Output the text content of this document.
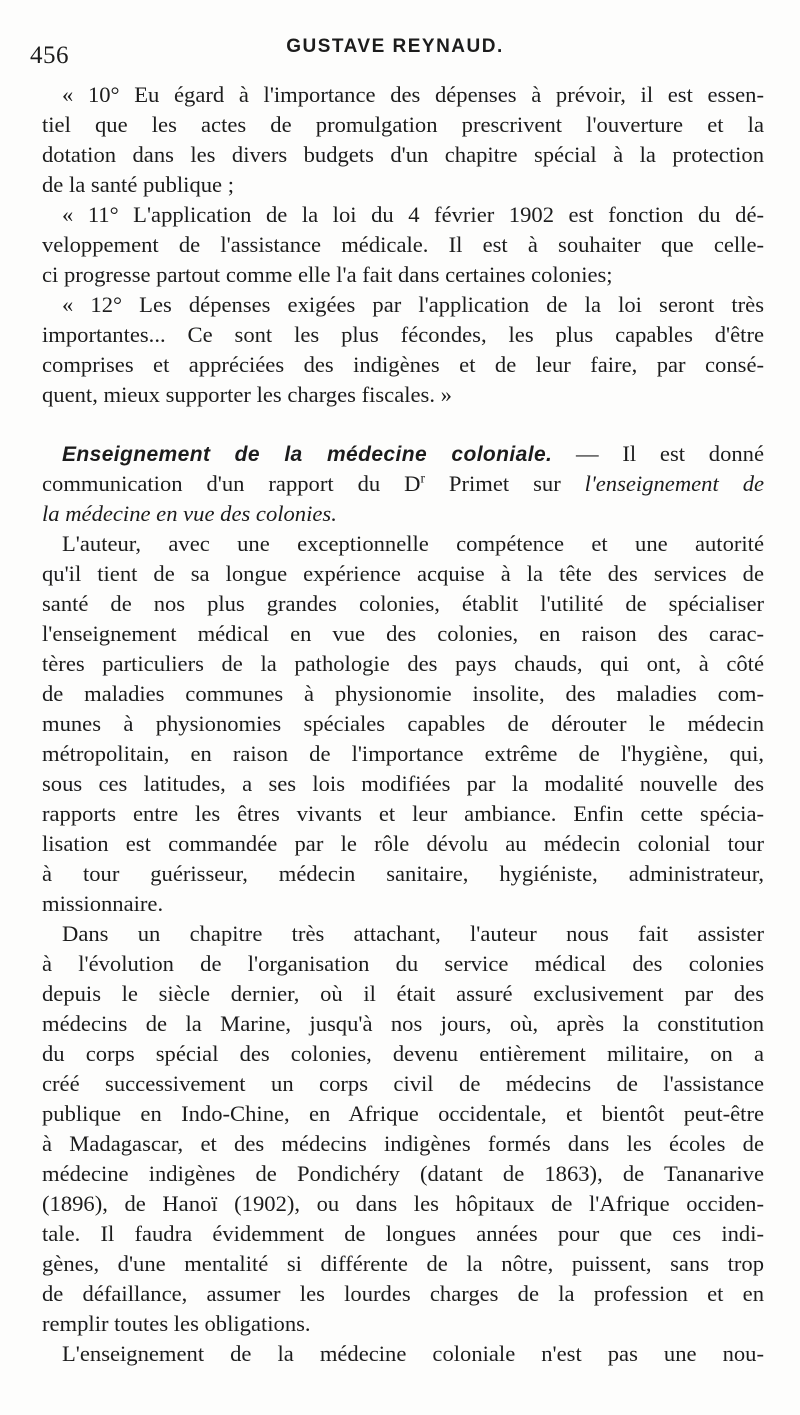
456	GUSTAVE REYNAUD.
« 10° Eu égard à l'importance des dépenses à prévoir, il est essen-
tiel que les actes de promulgation prescrivent l'ouverture et la
dotation dans les divers budgets d'un chapitre spécial à la protection
de la santé publique ;
« 11° L'application de la loi du 4 février 1902 est fonction du dé-
veloppement de l'assistance médicale. Il est à souhaiter que celle-
ci progresse partout comme elle l'a fait dans certaines colonies;
« 12° Les dépenses exigées par l'application de la loi seront très
importantes... Ce sont les plus fécondes, les plus capables d'être
comprises et appréciées des indigènes et de leur faire, par consé-
quent, mieux supporter les charges fiscales. »
Enseignement de la médecine coloniale. — Il est donné
communication d'un rapport du $D^r$ Primet sur l'enseignement de
la médecine en vue des colonies.
L'auteur, avec une exceptionnelle compétence et une autorité
qu'il tient de sa longue expérience acquise à la tête des services de
santé de nos plus grandes colonies, établit l'utilité de spécialiser
l'enseignement médical en vue des colonies, en raison des carac-
tères particuliers de la pathologie des pays chauds, qui ont, à côté
de maladies communes à physionomie insolite, des maladies com-
munes à physionomies spéciales capables de dérouter le médecin
métropolitain, en raison de l'importance extrême de l'hygiène, qui,
sous ces latitudes, a ses lois modifiées par la modalité nouvelle des
rapports entre les êtres vivants et leur ambiance. Enfin cette spécia-
lisation est commandée par le rôle dévolu au médecin colonial tour
à tour guérisseur, médecin sanitaire, hygiéniste, administrateur,
missionnaire.
Dans un chapitre très attachant, l'auteur nous fait assister
à l'évolution de l'organisation du service médical des colonies
depuis le siècle dernier, où il était assuré exclusivement par des
médecins de la Marine, jusqu'à nos jours, où, après la constitution
du corps spécial des colonies, devenu entièrement militaire, on a
créé successivement un corps civil de médecins de l'assistance
publique en Indo-Chine, en Afrique occidentale, et bientôt peut-être
à Madagascar, et des médecins indigènes formés dans les écoles de
médecine indigènes de Pondichéry (datant de 1863), de Tananarive
(1896), de Hanoï (1902), ou dans les hôpitaux de l'Afrique occiden-
tale. Il faudra évidemment de longues années pour que ces indi-
gènes, d'une mentalité si différente de la nôtre, puissent, sans trop
de défaillance, assumer les lourdes charges de la profession et en
remplir toutes les obligations.
L'enseignement de la médecine coloniale n'est pas une nou-
